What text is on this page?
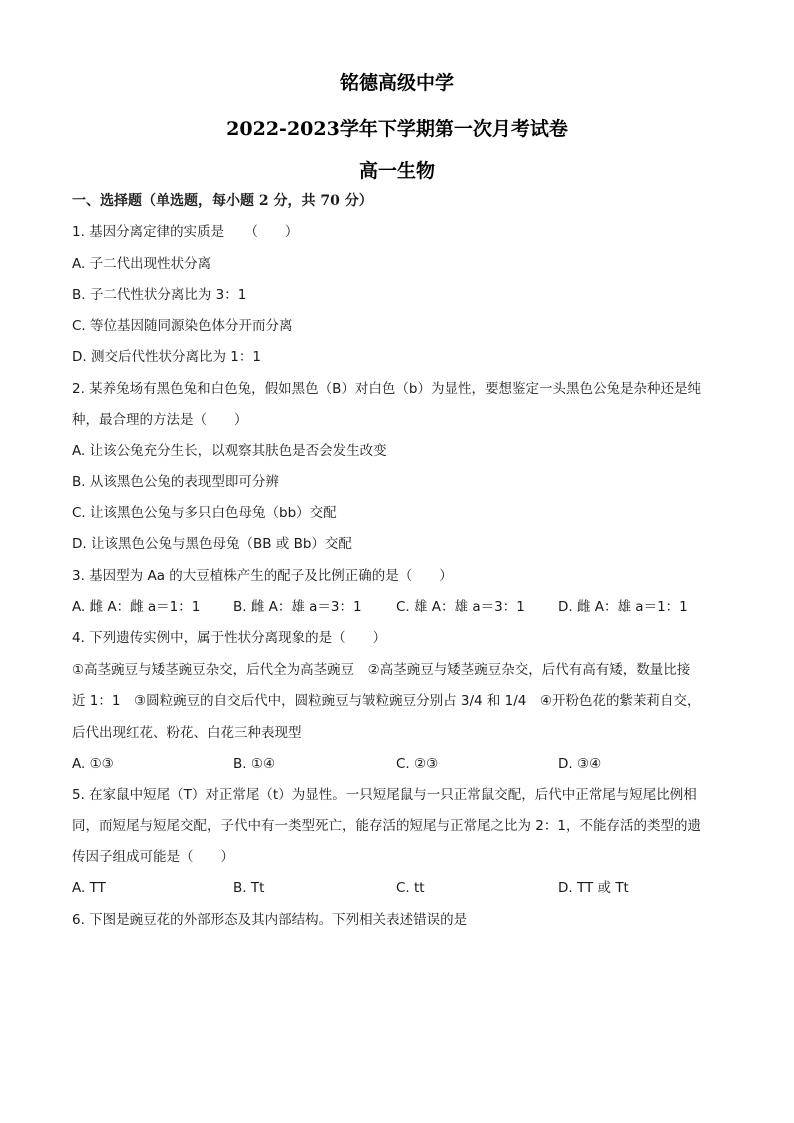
铭德高级中学
2022-2023学年下学期第一次月考试卷
高一生物
一、选择题（单选题，每小题 2 分，共 70 分）
1. 基因分离定律的实质是　　（　　）
A. 子二代出现性状分离
B. 子二代性状分离比为 3：1
C. 等位基因随同源染色体分开而分离
D. 测交后代性状分离比为 1：1
2. 某养兔场有黑色兔和白色兔，假如黑色（B）对白色（b）为显性，要想鉴定一头黑色公兔是杂种还是纯
种，最合理的方法是（　　）
A. 让该公兔充分生长，以观察其肤色是否会发生改变
B. 从该黑色公兔的表现型即可分辨
C. 让该黑色公兔与多只白色母兔（bb）交配
D. 让该黑色公兔与黑色母兔（BB 或 Bb）交配
3. 基因型为 Aa 的大豆植株产生的配子及比例正确的是（　　）
A. 雌 A：雌 a＝1：1 B. 雌 A：雄 a＝3：1	C. 雄 A：雄 a＝3：1 D. 雌 A：雄 a＝1：1
4. 下列遗传实例中，属于性状分离现象的是（　　）
①高茎豌豆与矮茎豌豆杂交，后代全为高茎豌豆　②高茎豌豆与矮茎豌豆杂交，后代有高有矮，数量比接
近 1：1　③圆粒豌豆的自交后代中，圆粒豌豆与皱粒豌豆分别占 3/4 和 1/4　④开粉色花的紫茉莉自交，
后代出现红花、粉花、白花三种表现型
A. ①③	B. ①④	C. ②③	D. ③④
5. 在家鼠中短尾（T）对正常尾（t）为显性。一只短尾鼠与一只正常鼠交配，后代中正常尾与短尾比例相
同，而短尾与短尾交配，子代中有一类型死亡，能存活的短尾与正常尾之比为 2：1，不能存活的类型的遗
传因子组成可能是（　　）
A. TT	B. Tt	C. tt	D. TT 或 Tt
6. 下图是豌豆花的外部形态及其内部结构。下列相关表述错误的是
